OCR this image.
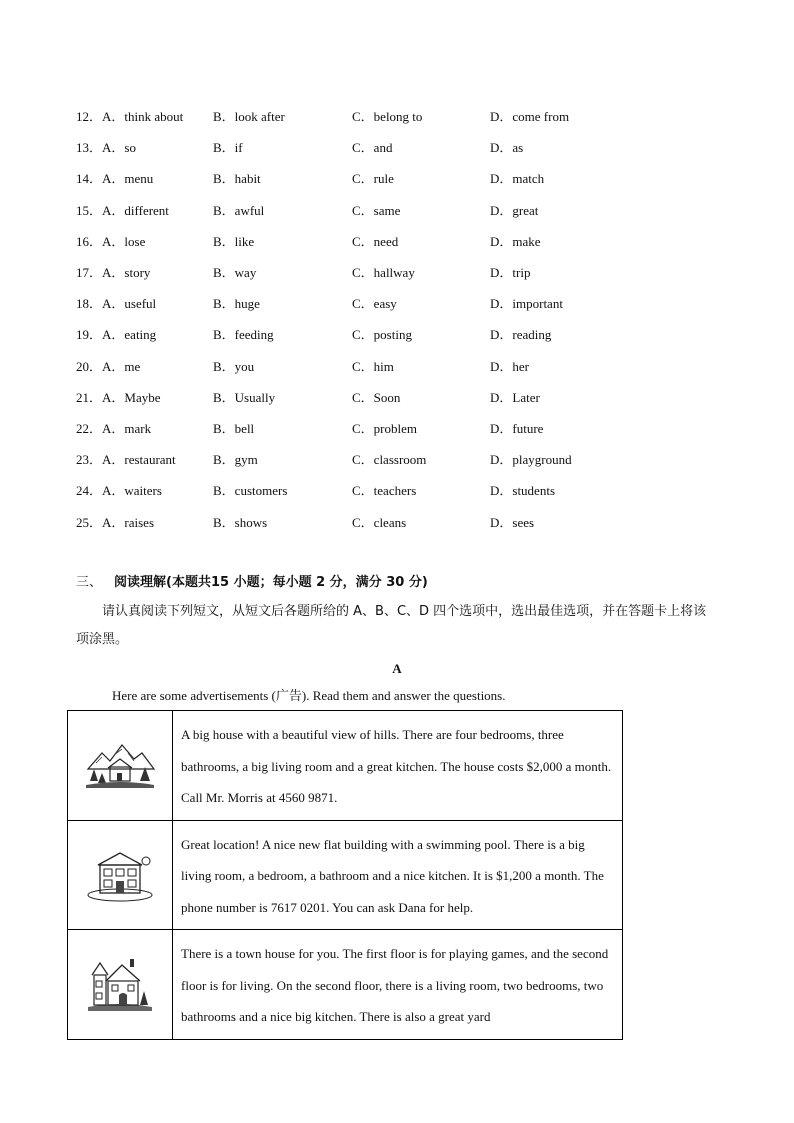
12．A．think about B．look after	C．belong to	D．come from
13．A．so	B．if	C．and	D．as
14．A．menu	B．habit	C．rule	D．match
15．A．different	B．awful	C．same	D．great
16．A．lose	B．like	C．need	D．make
17．A．story	B．way	C．hallway	D．trip
18．A．useful	B．huge	C．easy	D．important
19．A．eating	B．feeding	C．posting	D．reading
20．A．me	B．you	C．him	D．her
21．A．Maybe	B．Usually	C．Soon	D．Later
22．A．mark	B．bell	C．problem	D．future
23．A．restaurant	B．gym	C．classroom	D．playground
24．A．waiters	B．customers	C．teachers	D．students
25．A．raises	B．shows	C．cleans	D．sees
三、 阅读理解(本题共15 小题；每小题 2 分，满分 30 分)
请认真阅读下列短文，从短文后各题所给的 A、B、C、D 四个选项中，选出最佳选项，并在答题卡上将该项涂黑。
A
Here are some advertisements (广告). Read them and answer the questions.
	A big house with a beautiful view of hills. There are four bedrooms, three bathrooms, a big living room and a great kitchen. The house costs $2,000 a month. Call Mr. Morris at 4560 9871.

	Great location! A nice new flat building with a swimming pool. There is a big living room, a bedroom, a bathroom and a nice kitchen. It is $1,200 a month. The phone number is 7617 0201. You can ask Dana for help.

	There is a town house for you. The first floor is for playing games, and the second floor is for living. On the second floor, there is a living room, two bedrooms, two bathrooms and a nice big kitchen. There is also a great yard
